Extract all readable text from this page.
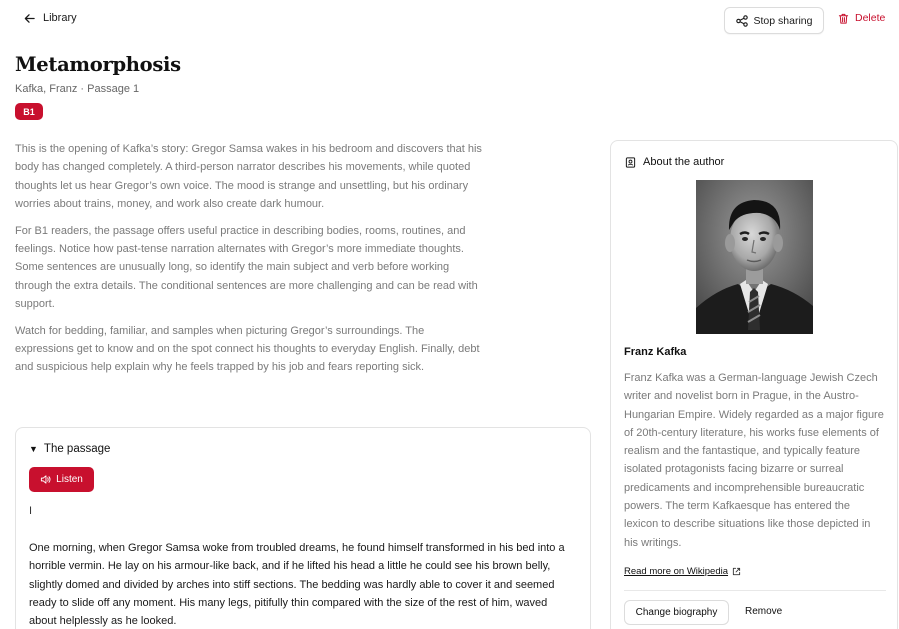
Library	Stop sharing	Delete
Metamorphosis
Kafka, Franz · Passage 1
B1

This is the opening of Kafka’s story: Gregor Samsa wakes in his bedroom and discovers that his body has changed completely. A third-person narrator describes his movements, while quoted thoughts let us hear Gregor’s own voice. The mood is strange and unsettling, but his ordinary worries about trains, money, and work also create dark humour.

For B1 readers, the passage offers useful practice in describing bodies, rooms, routines, and feelings. Notice how past-tense narration alternates with Gregor’s more immediate thoughts. Some sentences are unusually long, so identify the main subject and verb before working through the extra details. The conditional sentences are more challenging and can be read with support.

Watch for bedding, familiar, and samples when picturing Gregor’s surroundings. The expressions get to know and on the spot connect his thoughts to everyday English. Finally, debt and suspicious help explain why he feels trapped by his job and fears reporting sick.

▼ The passage
Listen
I
One morning, when Gregor Samsa woke from troubled dreams, he found himself transformed in his bed into a horrible vermin. He lay on his armour-like back, and if he lifted his head a little he could see his brown belly, slightly domed and divided by arches into stiff sections. The bedding was hardly able to cover it and seemed ready to slide off any moment. His many legs, pitifully thin compared with the size of the rest of him, waved about helplessly as he looked.
About the author
Franz Kafka
Franz Kafka was a German-language Jewish Czech writer and novelist born in Prague, in the Austro-Hungarian Empire. Widely regarded as a major figure of 20th-century literature, his works fuse elements of realism and the fantastique, and typically feature isolated protagonists facing bizarre or surreal predicaments and incomprehensible bureaucratic powers. The term Kafkaesque has entered the lexicon to describe situations like those depicted in his writings.
Read more on Wikipedia
Change biography	Remove
